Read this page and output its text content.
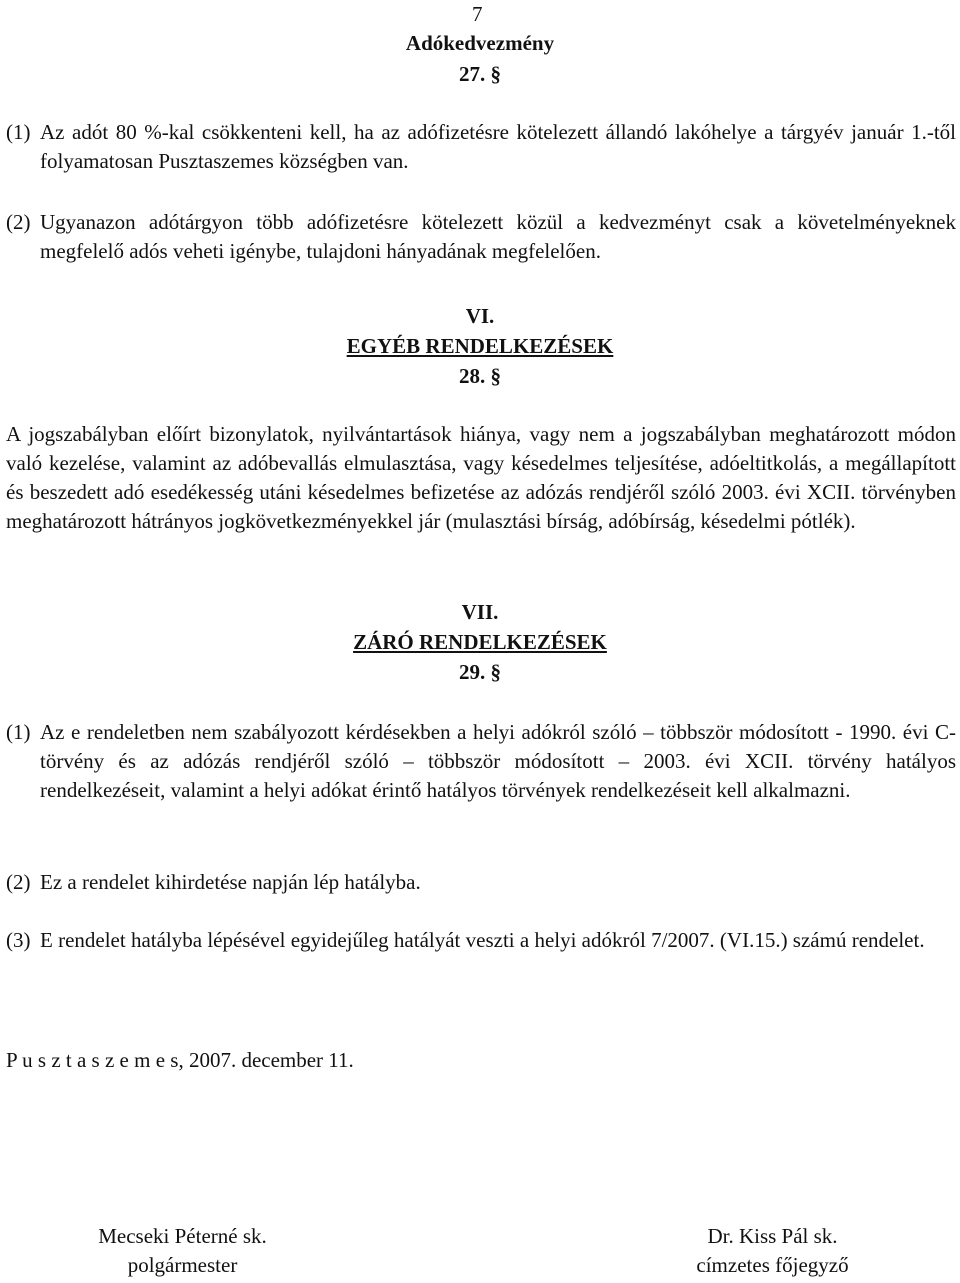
7
Adókedvezmény
27. §
(1) Az adót 80 %-kal csökkenteni kell, ha az adófizetésre kötelezett állandó lakóhelye a tárgyév január 1.-től folyamatosan Pusztaszemes községben van.
(2) Ugyanazon adótárgyon több adófizetésre kötelezett közül a kedvezményt csak a követelményeknek megfelelő adós veheti igénybe, tulajdoni hányadának megfelelően.
VI.
EGYÉB RENDELKEZÉSEK
28. §
A jogszabályban előírt bizonylatok, nyilvántartások hiánya, vagy nem a jogszabályban meghatározott módon való kezelése, valamint az adóbevallás elmulasztása, vagy késedelmes teljesítése, adóeltitkolás, a megállapított és beszedett adó esedékesség utáni késedelmes befizetése az adózás rendjéről szóló 2003. évi XCII. törvényben meghatározott hátrányos jogkövetkezményekkel jár (mulasztási bírság, adóbírság, késedelmi pótlék).
VII.
ZÁRÓ RENDELKEZÉSEK
29. §
(1) Az e rendeletben nem szabályozott kérdésekben a helyi adókról szóló – többször módosított - 1990. évi C- törvény és az adózás rendjéről szóló – többször módosított – 2003. évi XCII. törvény hatályos rendelkezéseit, valamint a helyi adókat érintő hatályos törvények rendelkezéseit kell alkalmazni.
(2) Ez a rendelet kihirdetése napján lép hatályba.
(3) E rendelet hatályba lépésével egyidejűleg hatályát veszti a helyi adókról 7/2007. (VI.15.) számú rendelet.
P u s z t a s z e m e s, 2007. december 11.
Mecseki Péterné sk.
polgármester
Dr. Kiss Pál sk.
címzetes főjegyző
